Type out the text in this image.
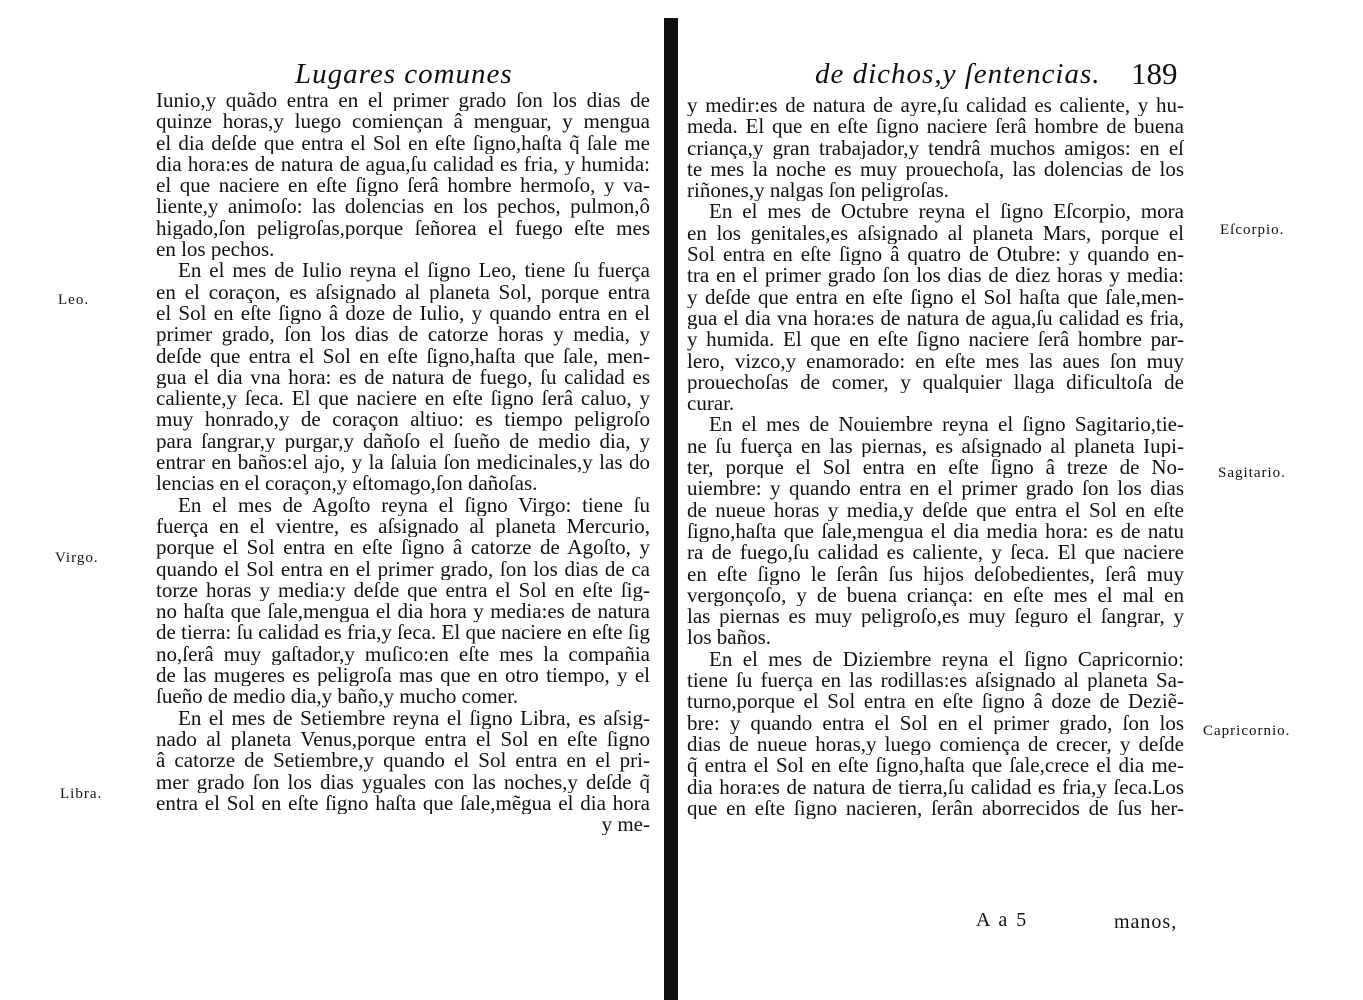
Lugares comunes
Leo.
Virgo.
Libra.
Iunio,y quãdo entra en el primer grado ſon los dias de
quinze horas,y luego comiençan â menguar, y mengua
el dia deſde que entra el Sol en eſte ſigno,haſta q̃ ſale me
dia hora:es de natura de agua,ſu calidad es fria, y humida:
el que naciere en eſte ſigno ſerâ hombre hermoſo, y va-
liente,y animoſo: las dolencias en los pechos, pulmon,ô
higado,ſon peligroſas,porque ſeñorea el fuego eſte mes
en los pechos.
En el mes de Iulio reyna el ſigno Leo, tiene ſu fuerça
en el coraçon, es aſsignado al planeta Sol, porque entra
el Sol en eſte ſigno â doze de Iulio, y quando entra en el
primer grado, ſon los dias de catorze horas y media, y
deſde que entra el Sol en eſte ſigno,haſta que ſale, men-
gua el dia vna hora: es de natura de fuego, ſu calidad es
caliente,y ſeca. El que naciere en eſte ſigno ſerâ caluo, y
muy honrado,y de coraçon altiuo: es tiempo peligroſo
para ſangrar,y purgar,y dañoſo el ſueño de medio dia, y
entrar en baños:el ajo, y la ſaluia ſon medicinales,y las do
lencias en el coraçon,y eſtomago,ſon dañoſas.
En el mes de Agoſto reyna el ſigno Virgo: tiene ſu
fuerça en el vientre, es aſsignado al planeta Mercurio,
porque el Sol entra en eſte ſigno â catorze de Agoſto, y
quando el Sol entra en el primer grado, ſon los dias de ca
torze horas y media:y deſde que entra el Sol en eſte ſig-
no haſta que ſale,mengua el dia hora y media:es de natura
de tierra: ſu calidad es fria,y ſeca. El que naciere en eſte ſig
no,ſerâ muy gaſtador,y muſico:en eſte mes la compañia
de las mugeres es peligroſa mas que en otro tiempo, y el
ſueño de medio dia,y baño,y mucho comer.
En el mes de Setiembre reyna el ſigno Libra, es aſsig-
nado al planeta Venus,porque entra el Sol en eſte ſigno
â catorze de Setiembre,y quando el Sol entra en el pri-
mer grado ſon los dias yguales con las noches,y deſde q̃
entra el Sol en eſte ſigno haſta que ſale,mẽgua el dia hora
y me-
de dichos,y ſentencias. 189
Eſcorpio.
Sagitario.
Capricornio.
y medir:es de natura de ayre,ſu calidad es caliente, y hu-
meda. El que en eſte ſigno naciere ſerâ hombre de buena
criança,y gran trabajador,y tendrâ muchos amigos: en eſ
te mes la noche es muy prouechoſa, las dolencias de los
riñones,y nalgas ſon peligroſas.
En el mes de Octubre reyna el ſigno Eſcorpio, mora
en los genitales,es aſsignado al planeta Mars, porque el
Sol entra en eſte ſigno â quatro de Otubre: y quando en-
tra en el primer grado ſon los dias de diez horas y media:
y deſde que entra en eſte ſigno el Sol haſta que ſale,men-
gua el dia vna hora:es de natura de agua,ſu calidad es fria,
y humida. El que en eſte ſigno naciere ſerâ hombre par-
lero, vizco,y enamorado: en eſte mes las aues ſon muy
prouechoſas de comer, y qualquier llaga dificultoſa de
curar.
En el mes de Nouiembre reyna el ſigno Sagitario,tie-
ne ſu fuerça en las piernas, es aſsignado al planeta Iupi-
ter, porque el Sol entra en eſte ſigno â treze de No-
uiembre: y quando entra en el primer grado ſon los dias
de nueue horas y media,y deſde que entra el Sol en eſte
ſigno,haſta que ſale,mengua el dia media hora: es de natu
ra de fuego,ſu calidad es caliente, y ſeca. El que naciere
en eſte ſigno le ſerân ſus hijos deſobedientes, ſerâ muy
vergonçoſo, y de buena criança: en eſte mes el mal en
las piernas es muy peligroſo,es muy ſeguro el ſangrar, y
los baños.
En el mes de Diziembre reyna el ſigno Capricornio:
tiene ſu fuerça en las rodillas:es aſsignado al planeta Sa-
turno,porque el Sol entra en eſte ſigno â doze de Deziẽ-
bre: y quando entra el Sol en el primer grado, ſon los
dias de nueue horas,y luego comiença de crecer, y deſde
q̃ entra el Sol en eſte ſigno,haſta que ſale,crece el dia me-
dia hora:es de natura de tierra,ſu calidad es fria,y ſeca.Los
que en eſte ſigno nacieren, ſerân aborrecidos de ſus her-
A a 5	manos,
